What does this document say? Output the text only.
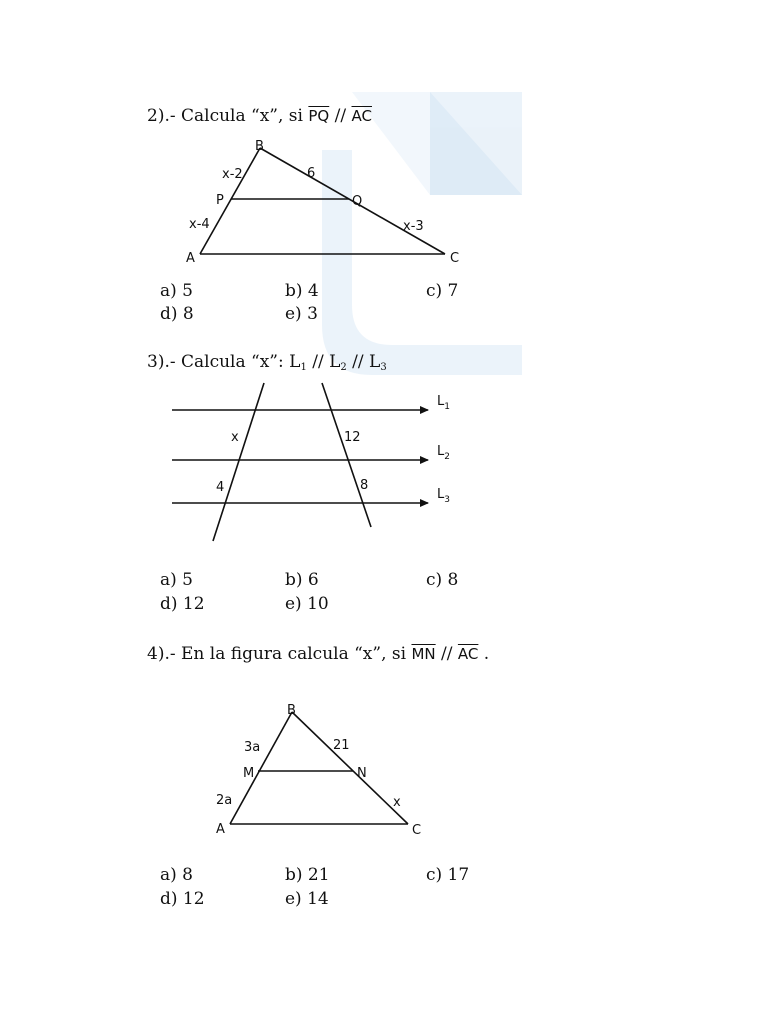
2).- Calcula “x”, si $\overline{PQ} // \overline{AC}$
B
P	Q
A	C
x-2	6
x-4	x-3
a) 5	b) 4	c) 7
d) 8	e) 3
3).- Calcula “x”: $L_1 // L_2 // L_3$
x	12
4	8
$L_1$
$L_2$
$L_3$
a) 5	b) 6	c) 8
d) 12	e) 10
4).- En la figura calcula “x”, si $\overline{MN} // \overline{AC}$ .
B
M	N
A	C
3a	21
2a	x
a) 8	b) 21	c) 17
d) 12	e) 14
